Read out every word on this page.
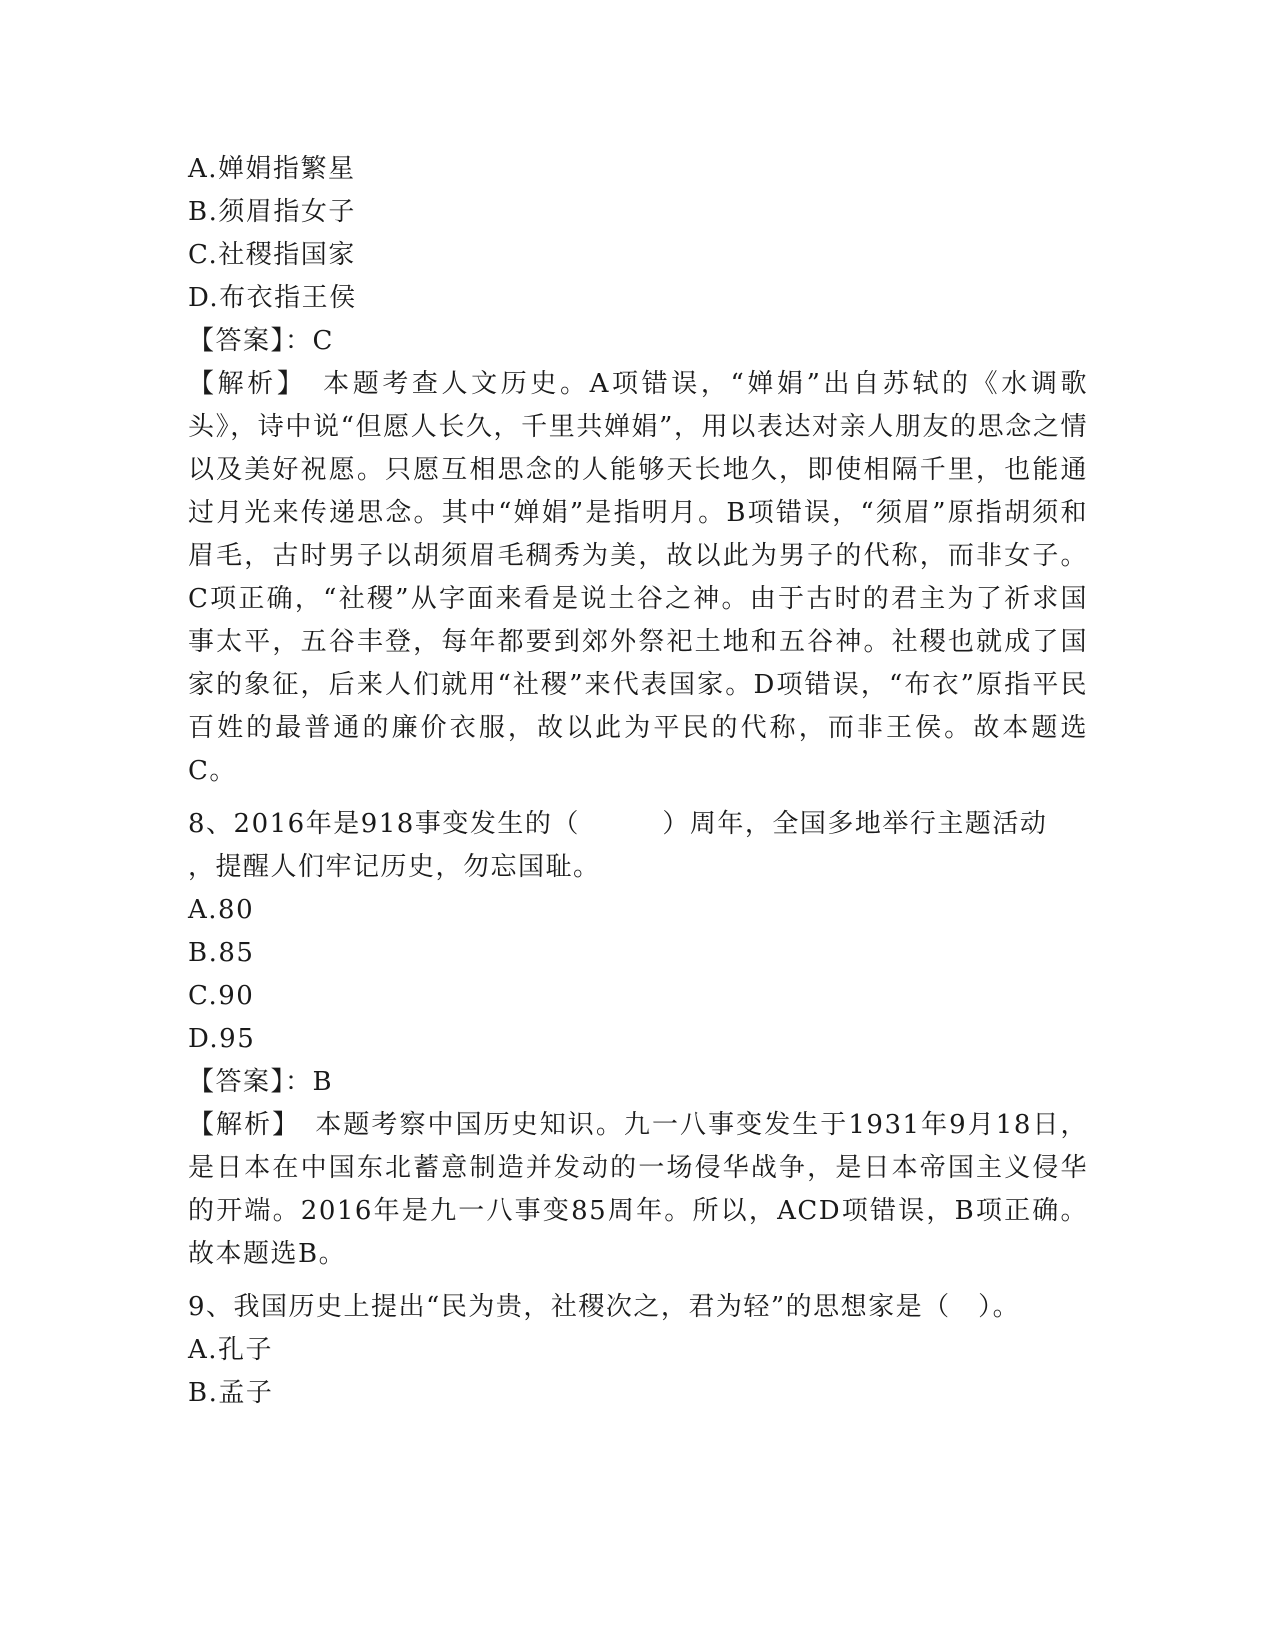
A.婵娟指繁星
B.须眉指女子
C.社稷指国家
D.布衣指王侯
【答案】：C

【解析】　本题考查人文历史。A项错误，“婵娟”出自苏轼的《水调歌头》，诗中说“但愿人长久，千里共婵娟”，用以表达对亲人朋友的思念之情以及美好祝愿。只愿互相思念的人能够天长地久，即使相隔千里，也能通过月光来传递思念。其中“婵娟”是指明月。B项错误，“须眉”原指胡须和眉毛，古时男子以胡须眉毛稠秀为美，故以此为男子的代称，而非女子。C项正确，“社稷”从字面来看是说土谷之神。由于古时的君主为了祈求国事太平，五谷丰登，每年都要到郊外祭祀土地和五谷神。社稷也就成了国家的象征，后来人们就用“社稷”来代表国家。D项错误，“布衣”原指平民百姓的最普通的廉价衣服，故以此为平民的代称，而非王侯。故本题选C。

8、2016年是918事变发生的（　　　）周年，全国多地举行主题活动
，提醒人们牢记历史，勿忘国耻。
A.80
B.85
C.90
D.95
【答案】：B

【解析】　本题考察中国历史知识。九一八事变发生于1931年9月18日，是日本在中国东北蓄意制造并发动的一场侵华战争，是日本帝国主义侵华的开端。2016年是九一八事变85周年。所以，ACD项错误，B项正确。故本题选B。

9、我国历史上提出“民为贵，社稷次之，君为轻”的思想家是（　）。

A.孔子
B.孟子
